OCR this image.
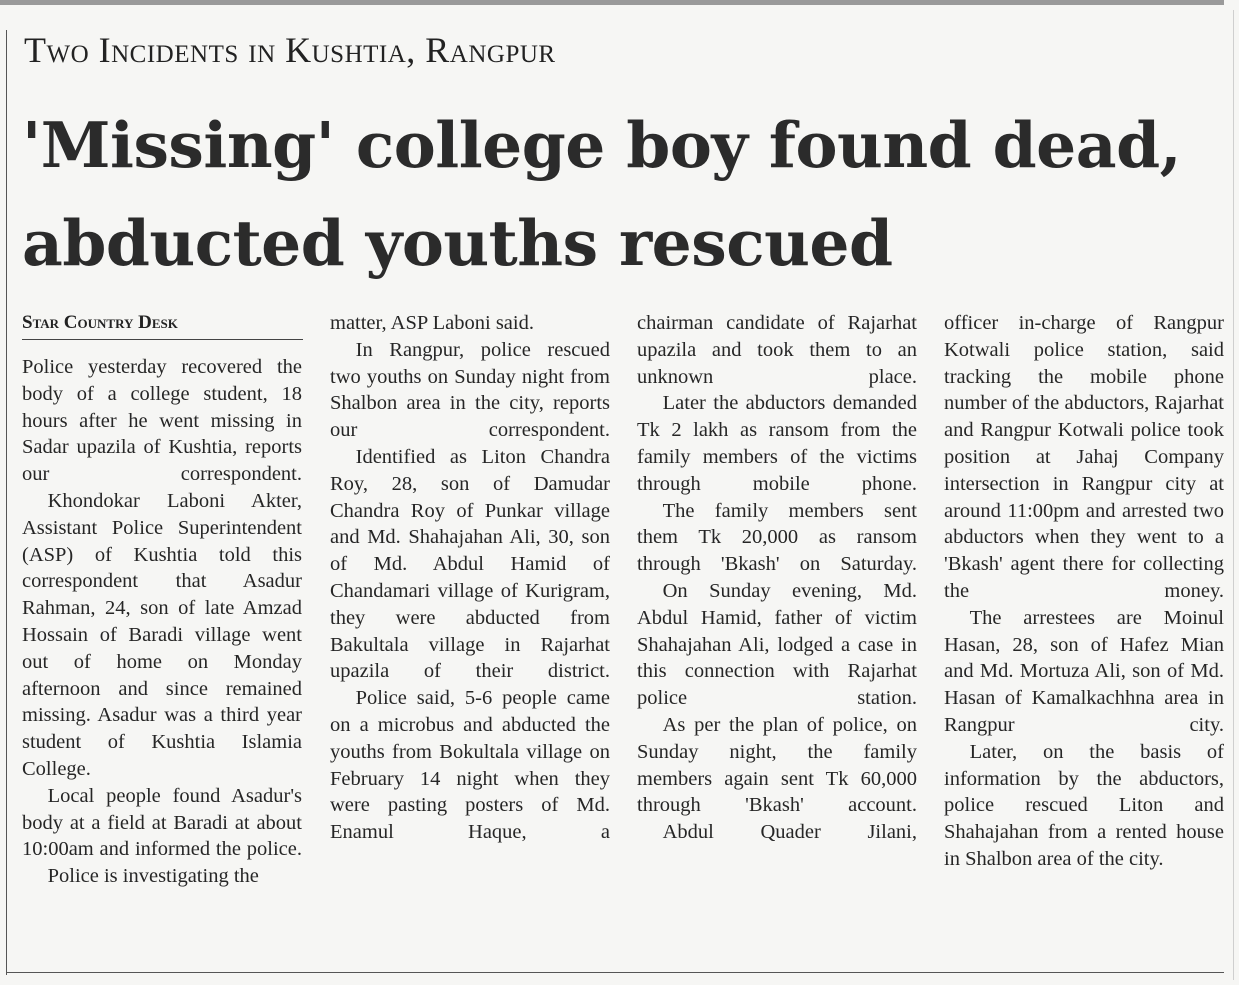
Two Incidents in Kushtia, Rangpur
'Missing' college boy found dead,
abducted youths rescued
Star Country Desk

Police yesterday recovered the body of a college student, 18 hours after he went missing in Sadar upazila of Kushtia, reports our correspondent.

Khondokar Laboni Akter, Assistant Police Superintendent (ASP) of Kushtia told this correspondent that Asadur Rahman, 24, son of late Amzad Hossain of Baradi village went out of home on Monday afternoon and since remained missing. Asadur was a third year student of Kushtia Islamia College.

Local people found Asadur's body at a field at Baradi at about 10:00am and informed the police.

Police is investigating the

matter, ASP Laboni said.

In Rangpur, police rescued two youths on Sunday night from Shalbon area in the city, reports our correspondent.

Identified as Liton Chandra Roy, 28, son of Damudar Chandra Roy of Punkar village and Md. Shahajahan Ali, 30, son of Md. Abdul Hamid of Chandamari village of Kurigram, they were abducted from Bakultala village in Rajarhat upazila of their district.

Police said, 5-6 people came on a microbus and abducted the youths from Bokultala village on February 14 night when they were pasting posters of Md. Enamul Haque, a

chairman candidate of Rajarhat upazila and took them to an unknown place.

Later the abductors demanded Tk 2 lakh as ransom from the family members of the victims through mobile phone.

The family members sent them Tk 20,000 as ransom through 'Bkash' on Saturday.

On Sunday evening, Md. Abdul Hamid, father of victim Shahajahan Ali, lodged a case in this connection with Rajarhat police station.

As per the plan of police, on Sunday night, the family members again sent Tk 60,000 through 'Bkash' account.

Abdul Quader Jilani,

officer in-charge of Rangpur Kotwali police station, said tracking the mobile phone number of the abductors, Rajarhat and Rangpur Kotwali police took position at Jahaj Company intersection in Rangpur city at around 11:00pm and arrested two abductors when they went to a 'Bkash' agent there for collecting the money.

The arrestees are Moinul Hasan, 28, son of Hafez Mian and Md. Mortuza Ali, son of Md. Hasan of Kamalkachhna area in Rangpur city.

Later, on the basis of information by the abductors, police rescued Liton and Shahajahan from a rented house in Shalbon area of the city.
